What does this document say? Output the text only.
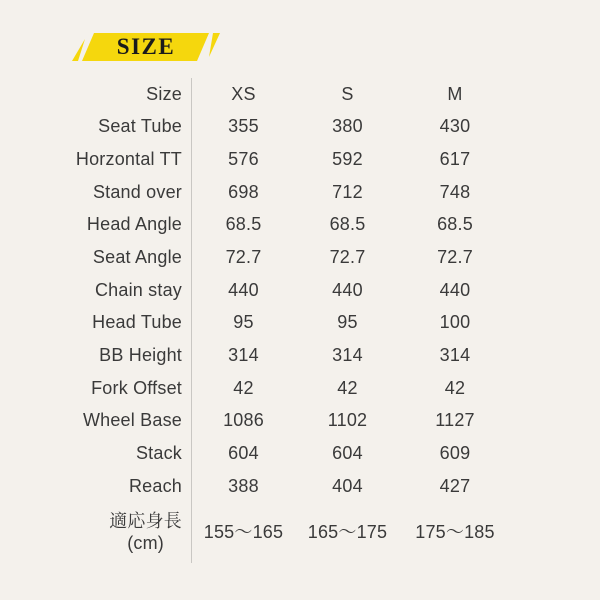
SIZE
Size	XS	S	M
Seat Tube	355	380	430
Horzontal TT	576	592	617
Stand over	698	712	748
Head Angle	68.5	68.5	68.5
Seat Angle	72.7	72.7	72.7
Chain stay	440	440	440
Head Tube	95	95	100
BB Height	314	314	314
Fork Offset	42	42	42
Wheel Base	1086	1102	1127
Stack	604	604	609
Reach	388	404	427
適応身長
(cm)
155〜165	165〜175	175〜185
